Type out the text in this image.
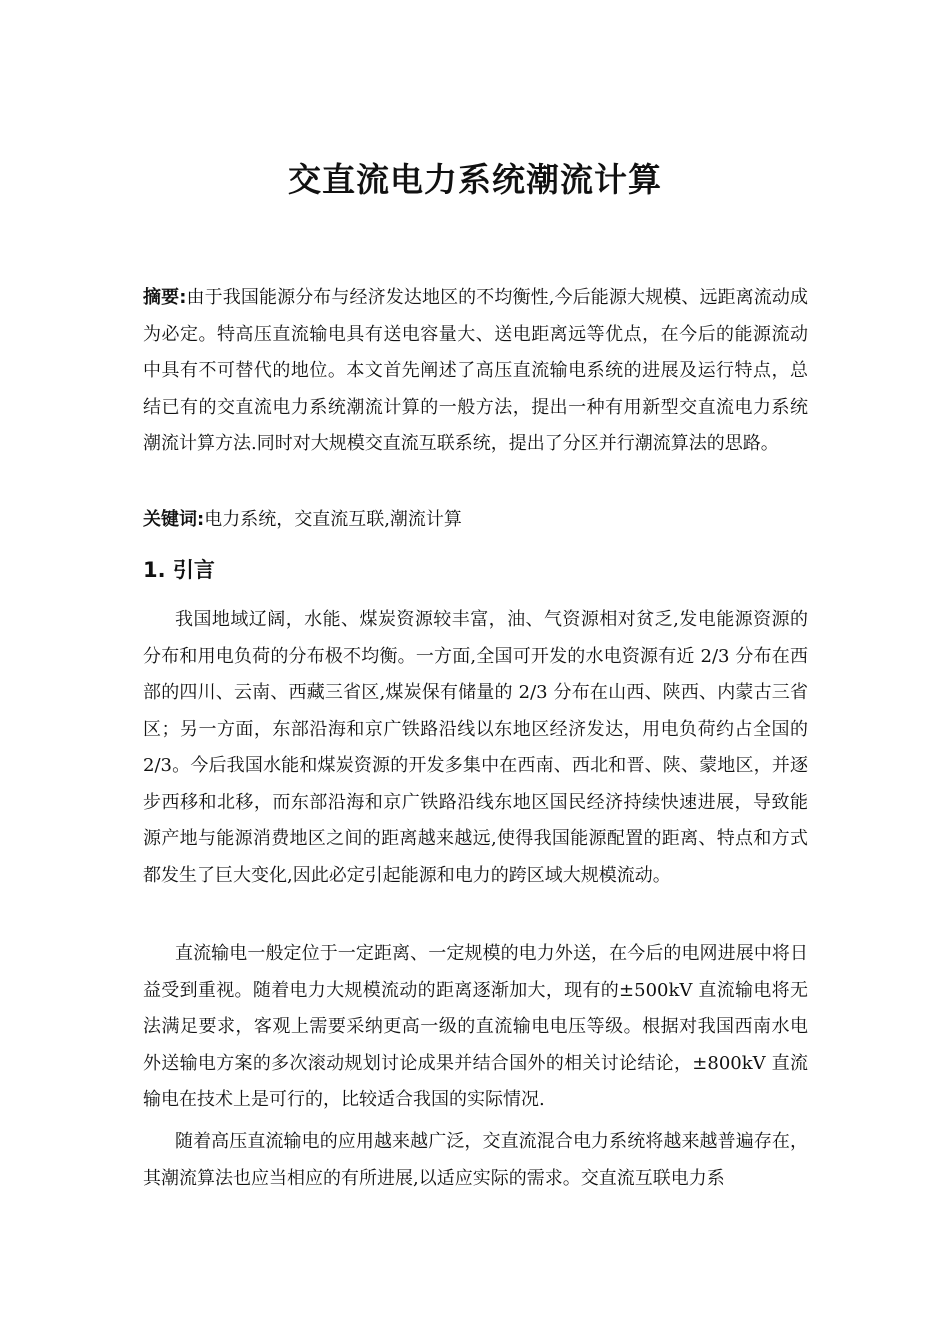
交直流电力系统潮流计算

摘要:由于我国能源分布与经济发达地区的不均衡性,今后能源大规模、远距离流动成为必定。特高压直流输电具有送电容量大、送电距离远等优点，在今后的能源流动中具有不可替代的地位。本文首先阐述了高压直流输电系统的进展及运行特点，总结已有的交直流电力系统潮流计算的一般方法，提出一种有用新型交直流电力系统潮流计算方法.同时对大规模交直流互联系统，提出了分区并行潮流算法的思路。

关键词:电力系统，交直流互联,潮流计算

1. 引言

我国地域辽阔，水能、煤炭资源较丰富，油、气资源相对贫乏,发电能源资源的分布和用电负荷的分布极不均衡。一方面,全国可开发的水电资源有近 2/3 分布在西部的四川、云南、西藏三省区,煤炭保有储量的 2/3 分布在山西、陕西、内蒙古三省区；另一方面，东部沿海和京广铁路沿线以东地区经济发达，用电负荷约占全国的 2/3。今后我国水能和煤炭资源的开发多集中在西南、西北和晋、陕、蒙地区，并逐步西移和北移，而东部沿海和京广铁路沿线东地区国民经济持续快速进展，导致能源产地与能源消费地区之间的距离越来越远,使得我国能源配置的距离、特点和方式都发生了巨大变化,因此必定引起能源和电力的跨区域大规模流动。

直流输电一般定位于一定距离、一定规模的电力外送，在今后的电网进展中将日益受到重视。随着电力大规模流动的距离逐渐加大，现有的±500kV 直流输电将无法满足要求，客观上需要采纳更高一级的直流输电电压等级。根据对我国西南水电外送输电方案的多次滚动规划讨论成果并结合国外的相关讨论结论，±800kV 直流输电在技术上是可行的，比较适合我国的实际情况.

随着高压直流输电的应用越来越广泛，交直流混合电力系统将越来越普遍存在，其潮流算法也应当相应的有所进展,以适应实际的需求。交直流互联电力系
